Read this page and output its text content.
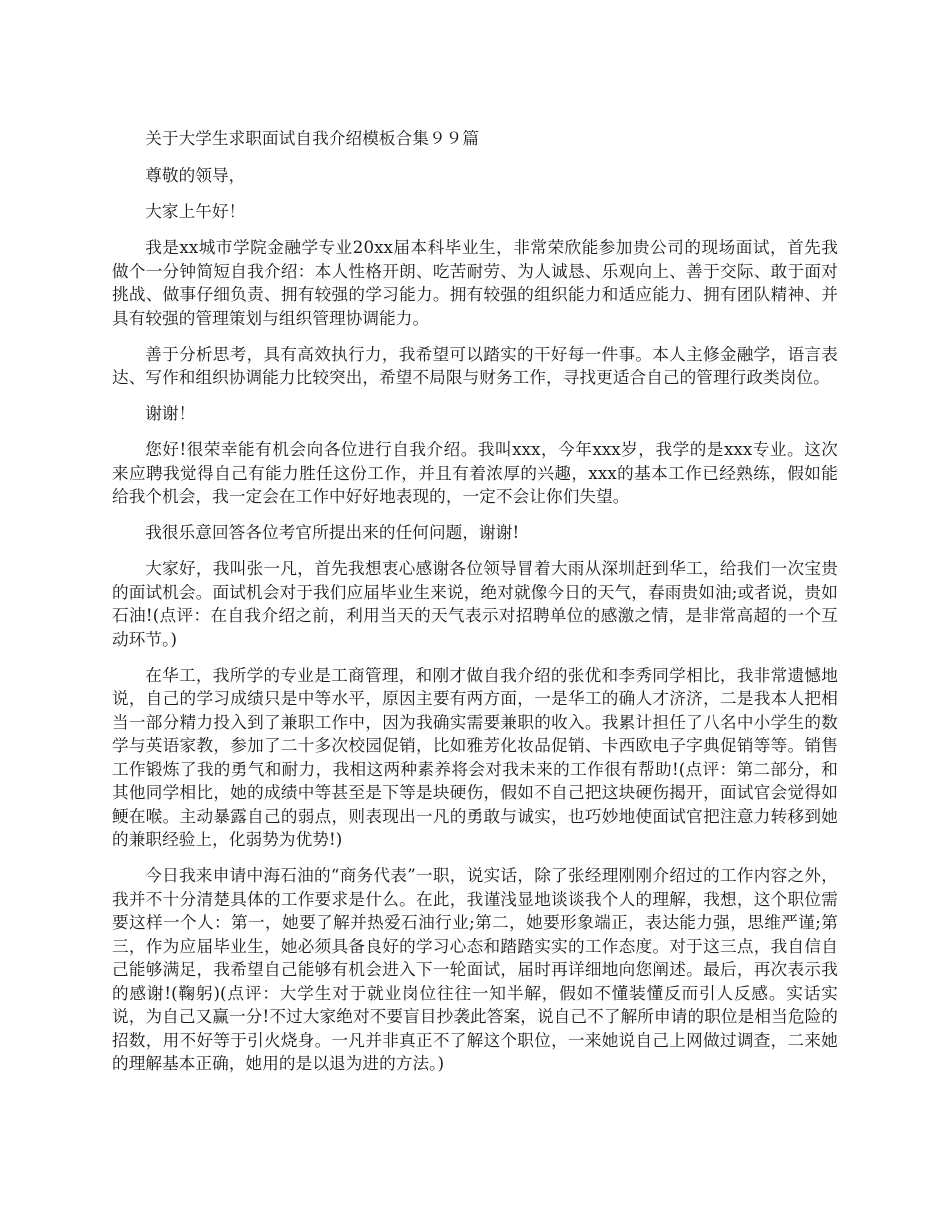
关于大学生求职面试自我介绍模板合集９９篇

尊敬的领导，

大家上午好！

我是xx城市学院金融学专业20xx届本科毕业生，非常荣欣能参加贵公司的现场面试，首先我做个一分钟简短自我介绍：本人性格开朗、吃苦耐劳、为人诚恳、乐观向上、善于交际、敢于面对挑战、做事仔细负责、拥有较强的学习能力。拥有较强的组织能力和适应能力、拥有团队精神、并具有较强的管理策划与组织管理协调能力。

善于分析思考，具有高效执行力，我希望可以踏实的干好每一件事。本人主修金融学，语言表达、写作和组织协调能力比较突出，希望不局限与财务工作，寻找更适合自己的管理行政类岗位。

谢谢！

您好!很荣幸能有机会向各位进行自我介绍。我叫xxx，今年xxx岁，我学的是xxx专业。这次来应聘我觉得自己有能力胜任这份工作，并且有着浓厚的兴趣，xxx的基本工作已经熟练，假如能给我个机会，我一定会在工作中好好地表现的，一定不会让你们失望。

我很乐意回答各位考官所提出来的任何问题，谢谢!

大家好，我叫张一凡，首先我想衷心感谢各位领导冒着大雨从深圳赶到华工，给我们一次宝贵的面试机会。面试机会对于我们应届毕业生来说，绝对就像今日的天气，春雨贵如油;或者说，贵如石油!(点评：在自我介绍之前，利用当天的天气表示对招聘单位的感激之情，是非常高超的一个互动环节。)

在华工，我所学的专业是工商管理，和刚才做自我介绍的张优和李秀同学相比，我非常遗憾地说，自己的学习成绩只是中等水平，原因主要有两方面，一是华工的确人才济济，二是我本人把相当一部分精力投入到了兼职工作中，因为我确实需要兼职的收入。我累计担任了八名中小学生的数学与英语家教，参加了二十多次校园促销，比如雅芳化妆品促销、卡西欧电子字典促销等等。销售工作锻炼了我的勇气和耐力，我相这两种素养将会对我未来的工作很有帮助!(点评：第二部分，和其他同学相比，她的成绩中等甚至是下等是块硬伤，假如不自己把这块硬伤揭开，面试官会觉得如鲠在喉。主动暴露自己的弱点，则表现出一凡的勇敢与诚实，也巧妙地使面试官把注意力转移到她的兼职经验上，化弱势为优势!)

今日我来申请中海石油的“商务代表”一职，说实话，除了张经理刚刚介绍过的工作内容之外，我并不十分清楚具体的工作要求是什么。在此，我谨浅显地谈谈我个人的理解，我想，这个职位需要这样一个人：第一，她要了解并热爱石油行业;第二，她要形象端正，表达能力强，思维严谨;第三，作为应届毕业生，她必须具备良好的学习心态和踏踏实实的工作态度。对于这三点，我自信自己能够满足，我希望自己能够有机会进入下一轮面试，届时再详细地向您阐述。最后，再次表示我的感谢!(鞠躬)(点评：大学生对于就业岗位往往一知半解，假如不懂装懂反而引人反感。实话实说，为自己又赢一分!不过大家绝对不要盲目抄袭此答案，说自己不了解所申请的职位是相当危险的招数，用不好等于引火烧身。一凡并非真正不了解这个职位，一来她说自己上网做过调查，二来她的理解基本正确，她用的是以退为进的方法。)
